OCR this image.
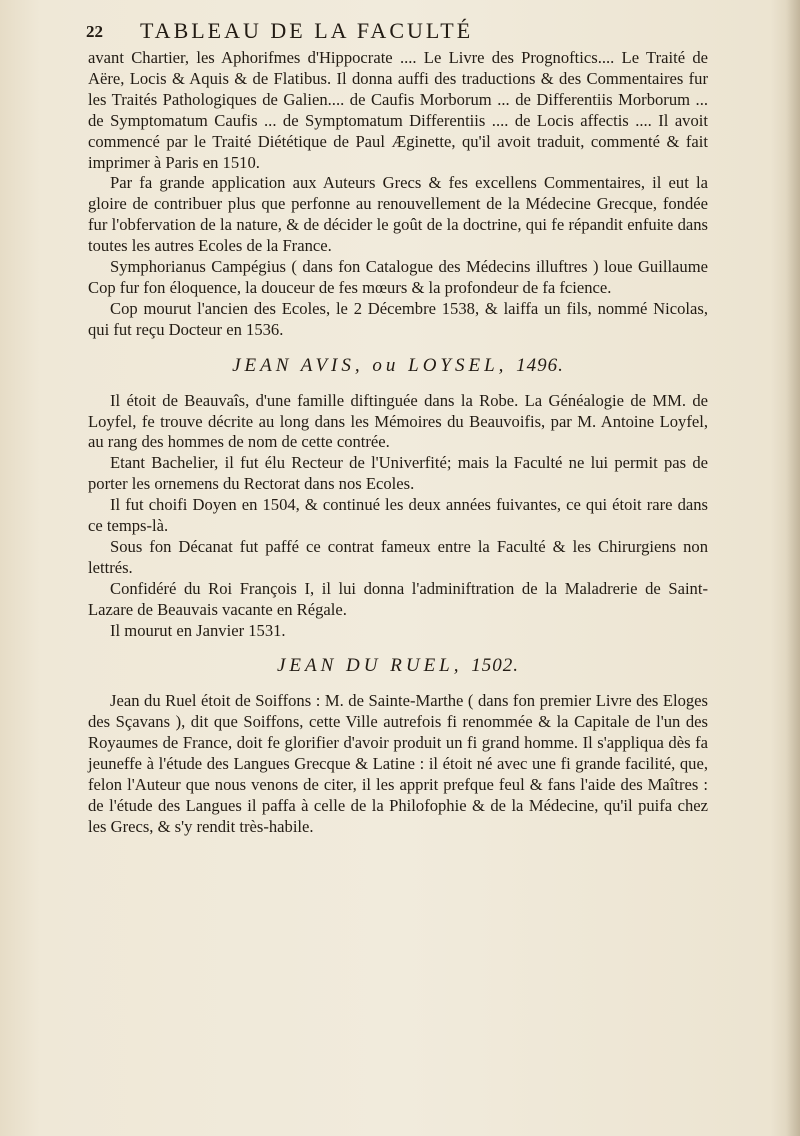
22 TABLEAU DE LA FACULTÉ

avant Chartier, les Aphorifmes d'Hippocrate .... Le Livre des Prognoftics.... Le Traité de Aëre, Locis & Aquis & de Flatibus. Il donna auffi des traductions & des Commentaires fur les Traités Pathologiques de Galien.... de Caufis Morborum ... de Differentiis Morborum ... de Symptomatum Caufis ... de Symptomatum Differentiis .... de Locis affectis .... Il avoit commencé par le Traité Diététique de Paul Æginette, qu'il avoit traduit, commenté & fait imprimer à Paris en 1510.

Par fa grande application aux Auteurs Grecs & fes excellens Commentaires, il eut la gloire de contribuer plus que perfonne au renouvellement de la Médecine Grecque, fondée fur l'obfervation de la nature, & de décider le goût de la doctrine, qui fe répandit enfuite dans toutes les autres Ecoles de la France.

Symphorianus Campégius ( dans fon Catalogue des Médecins illuftres ) loue Guillaume Cop fur fon éloquence, la douceur de fes mœurs & la profondeur de fa fcience.

Cop mourut l'ancien des Ecoles, le 2 Décembre 1538, & laiffa un fils, nommé Nicolas, qui fut reçu Docteur en 1536.

JEAN AVIS, ou LOYSEL, 1496.

Il étoit de Beauvaîs, d'une famille diftinguée dans la Robe. La Généalogie de MM. de Loyfel, fe trouve décrite au long dans les Mémoires du Beauvoifis, par M. Antoine Loyfel, au rang des hommes de nom de cette contrée.

Etant Bachelier, il fut élu Recteur de l'Univerfité; mais la Faculté ne lui permit pas de porter les ornemens du Rectorat dans nos Ecoles.

Il fut choifi Doyen en 1504, & continué les deux années fuivantes, ce qui étoit rare dans ce temps-là.

Sous fon Décanat fut paffé ce contrat fameux entre la Faculté & les Chirurgiens non lettrés.

Confidéré du Roi François I, il lui donna l'adminiftration de la Maladrerie de Saint-Lazare de Beauvais vacante en Régale.

Il mourut en Janvier 1531.

JEAN DU RUEL, 1502.

Jean du Ruel étoit de Soiffons : M. de Sainte-Marthe ( dans fon premier Livre des Eloges des Sçavans ), dit que Soiffons, cette Ville autrefois fi renommée & la Capitale de l'un des Royaumes de France, doit fe glorifier d'avoir produit un fi grand homme. Il s'appliqua dès fa jeuneffe à l'étude des Langues Grecque & Latine : il étoit né avec une fi grande facilité, que, felon l'Auteur que nous venons de citer, il les apprit prefque feul & fans l'aide des Maîtres : de l'étude des Langues il paffa à celle de la Philofophie & de la Médecine, qu'il puifa chez les Grecs, & s'y rendit très-habile.
